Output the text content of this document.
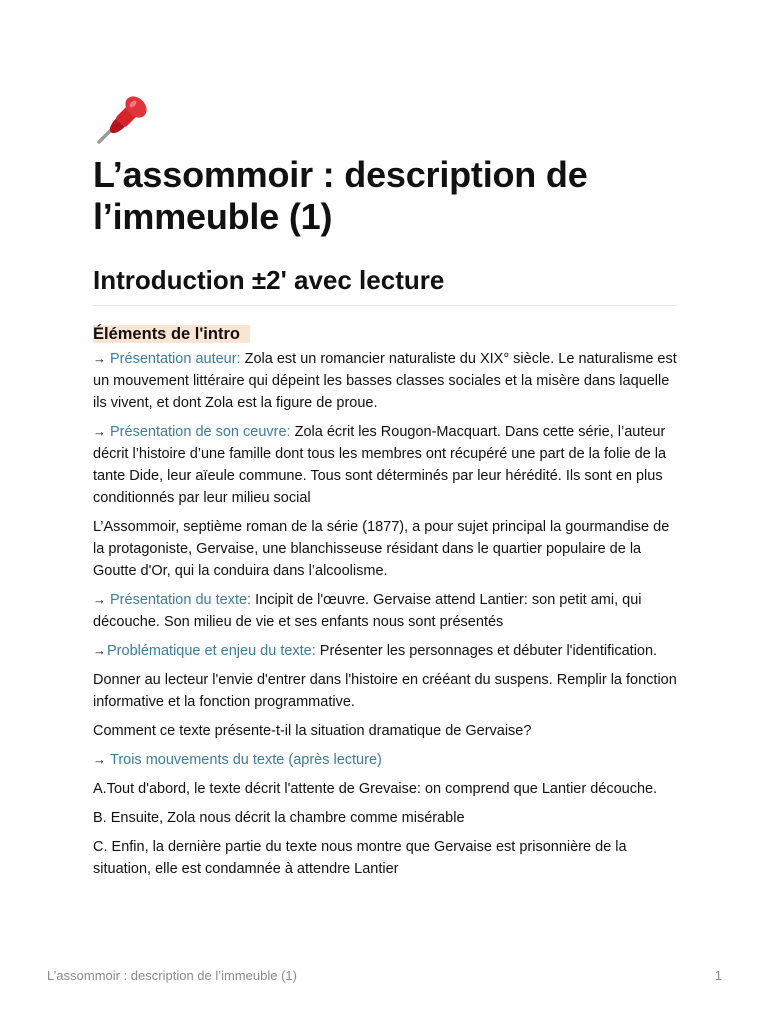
L’assommoir : description de l’immeuble (1)
Introduction ±2' avec lecture
Éléments de l'intro

→ Présentation auteur: Zola est un romancier naturaliste du XIX° siècle. Le naturalisme est un mouvement littéraire qui dépeint les basses classes sociales et la misère dans laquelle ils vivent, et dont Zola est la figure de proue.

→ Présentation de son ceuvre: Zola écrit les Rougon-Macquart. Dans cette série, l’auteur décrit l’histoire d’une famille dont tous les membres ont récupéré une part de la folie de la tante Dide, leur aïeule commune. Tous sont déterminés par leur hérédité. Ils sont en plus conditionnés par leur milieu social

L’Assommoir, septième roman de la série (1877), a pour sujet principal la gourmandise de la protagoniste, Gervaise, une blanchisseuse résidant dans le quartier populaire de la Goutte d'Or, qui la conduira dans l’alcoolisme.

→ Présentation du texte: Incipit de l'œuvre. Gervaise attend Lantier: son petit ami, qui découche. Son milieu de vie et ses enfants nous sont présentés

→Problématique et enjeu du texte: Présenter les personnages et débuter l'identification.

Donner au lecteur l'envie d'entrer dans l'histoire en crééant du suspens. Remplir la fonction informative et la fonction programmative.

Comment ce texte présente-t-il la situation dramatique de Gervaise?

→ Trois mouvements du texte (après lecture)

A.Tout d'abord, le texte décrit l'attente de Grevaise: on comprend que Lantier découche.

B. Ensuite, Zola nous décrit la chambre comme misérable

C. Enfin, la dernière partie du texte nous montre que Gervaise est prisonnière de la situation, elle est condamnée à attendre Lantier

L’assommoir : description de l’immeuble (1)	1
